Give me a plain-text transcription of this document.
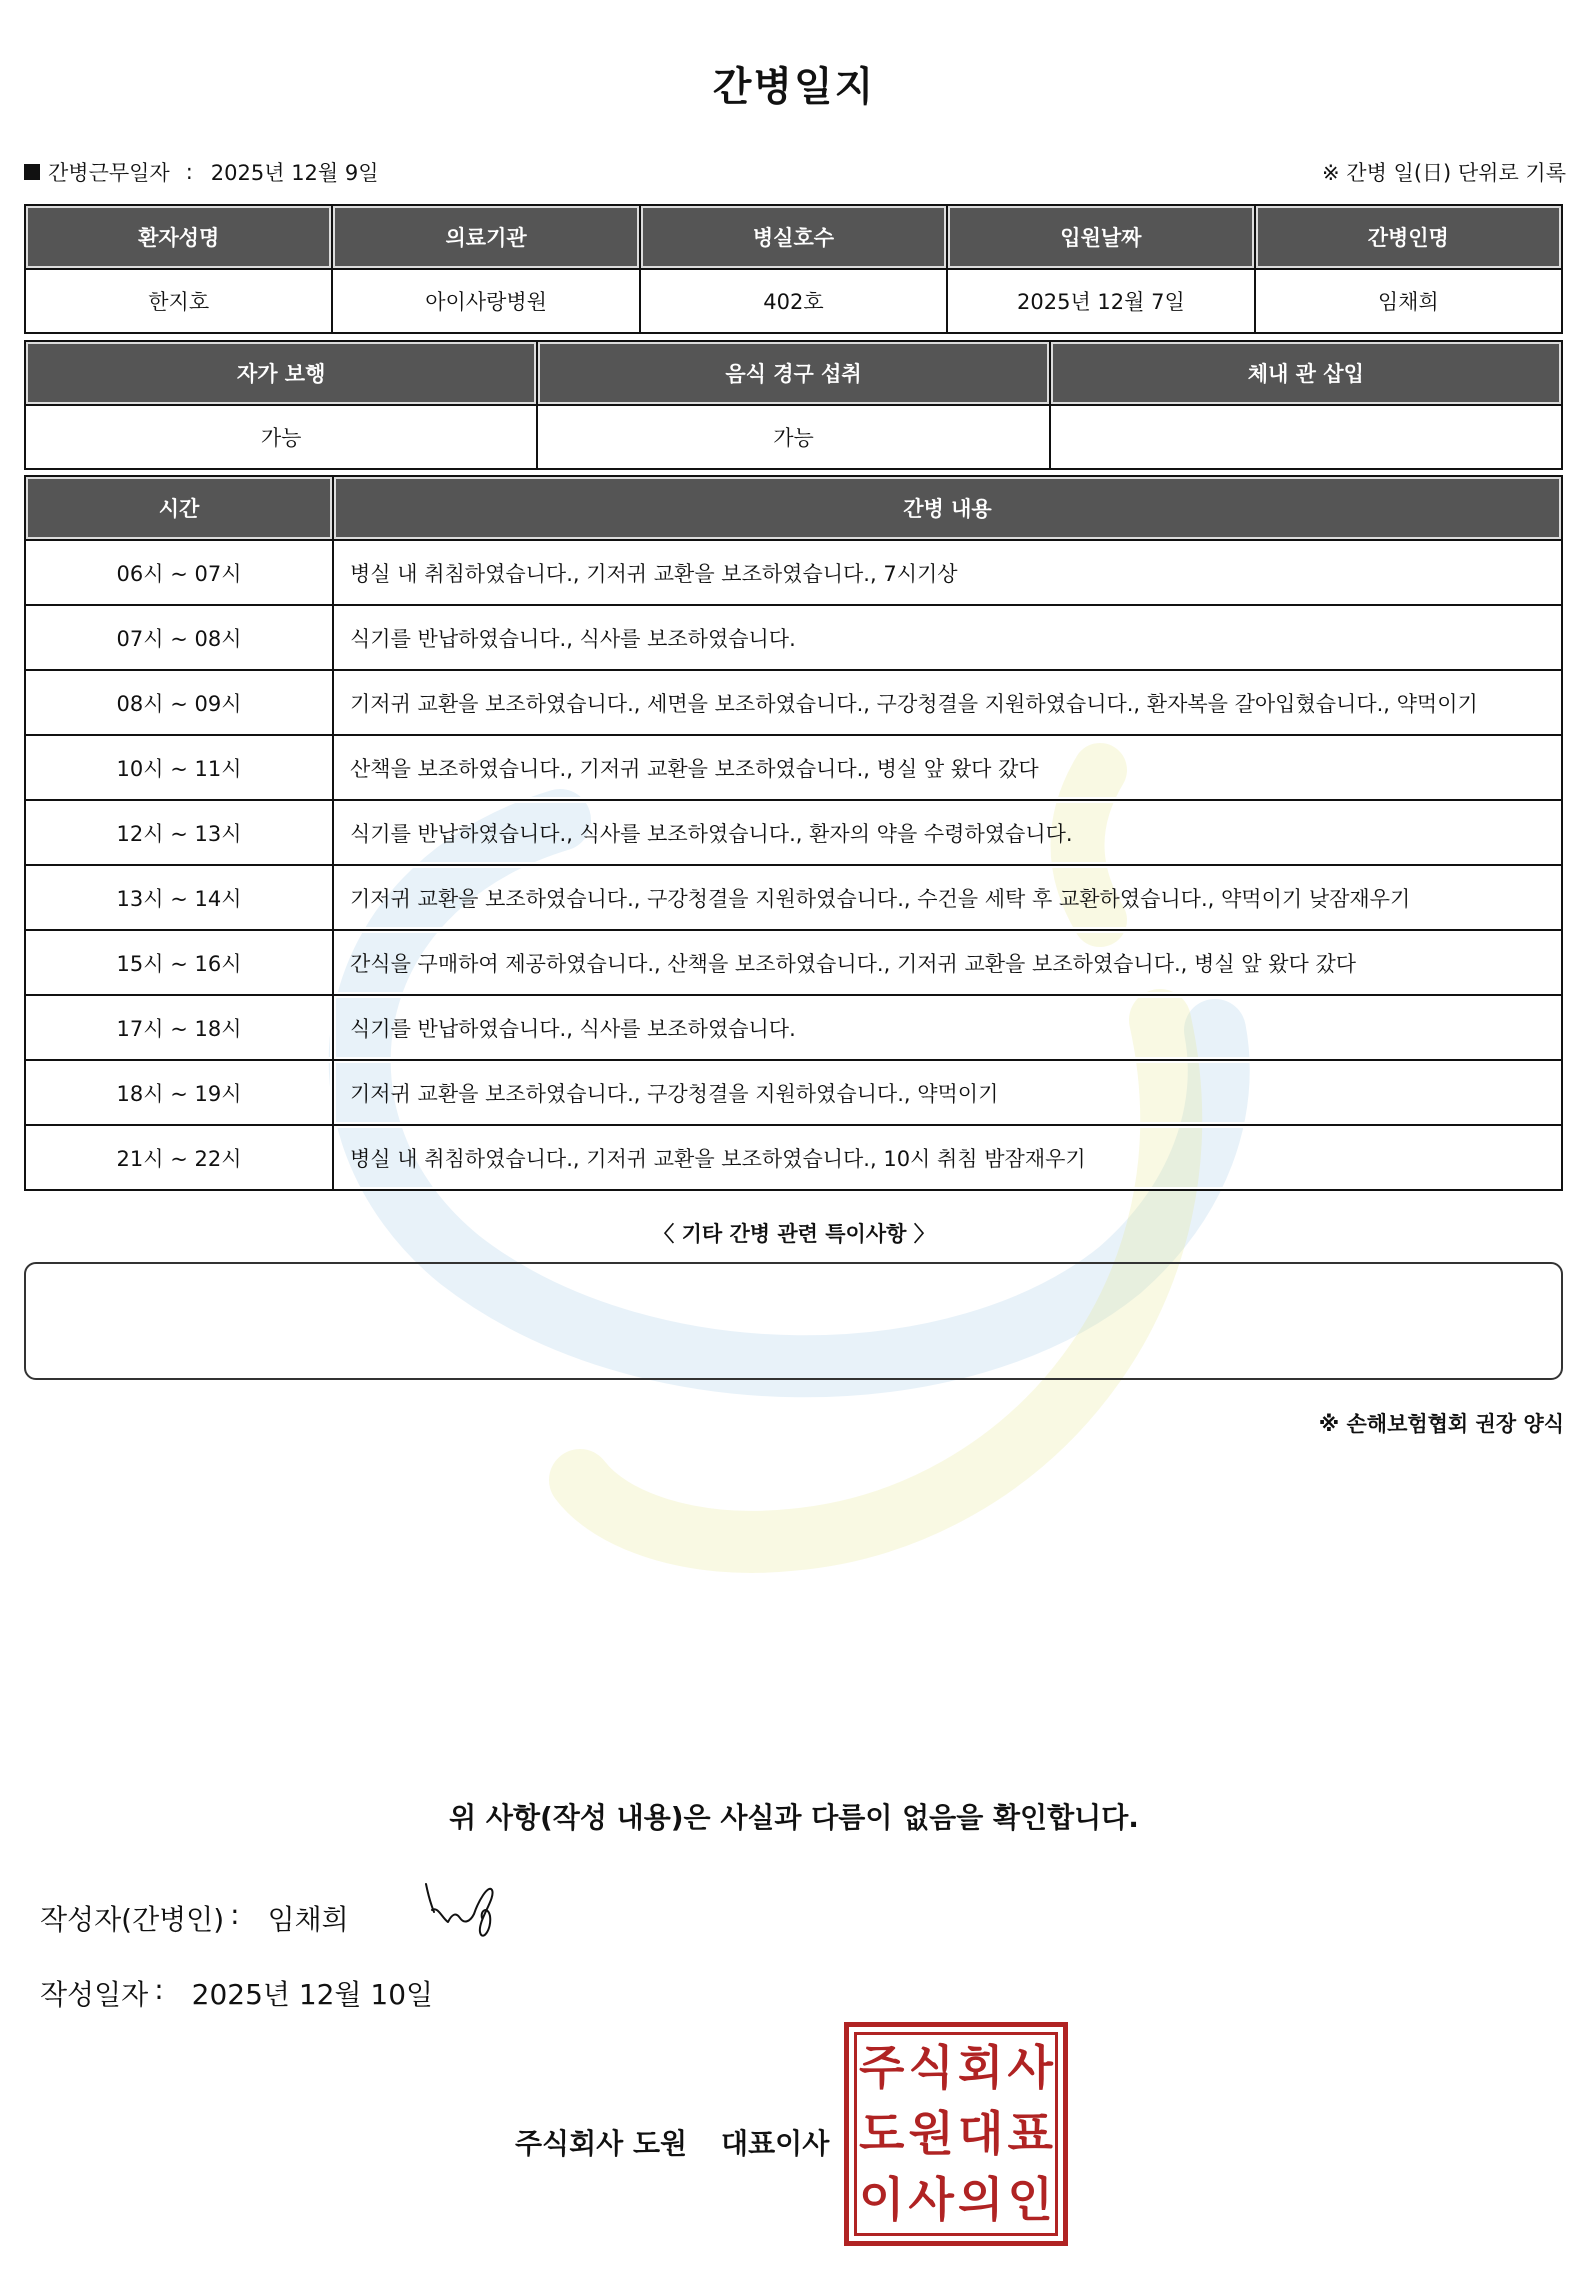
간병일지
간병근무일자 : 2025년 12월 9일	※ 간병 일(日) 단위로 기록
환자성명	의료기관	병실호수	입원날짜	간병인명
한지호	아이사랑병원	402호	2025년 12월 7일	임채희
자가 보행	음식 경구 섭취	체내 관 삽입
가능	가능	
시간	간병 내용
06시 ~ 07시	병실 내 취침하였습니다., 기저귀 교환을 보조하였습니다., 7시기상
07시 ~ 08시	식기를 반납하였습니다., 식사를 보조하였습니다.
08시 ~ 09시	기저귀 교환을 보조하였습니다., 세면을 보조하였습니다., 구강청결을 지원하였습니다., 환자복을 갈아입혔습니다., 약먹이기
10시 ~ 11시	산책을 보조하였습니다., 기저귀 교환을 보조하였습니다., 병실 앞 왔다 갔다
12시 ~ 13시	식기를 반납하였습니다., 식사를 보조하였습니다., 환자의 약을 수령하였습니다.
13시 ~ 14시	기저귀 교환을 보조하였습니다., 구강청결을 지원하였습니다., 수건을 세탁 후 교환하였습니다., 약먹이기 낮잠재우기
15시 ~ 16시	간식을 구매하여 제공하였습니다., 산책을 보조하였습니다., 기저귀 교환을 보조하였습니다., 병실 앞 왔다 갔다
17시 ~ 18시	식기를 반납하였습니다., 식사를 보조하였습니다.
18시 ~ 19시	기저귀 교환을 보조하였습니다., 구강청결을 지원하였습니다., 약먹이기
21시 ~ 22시	병실 내 취침하였습니다., 기저귀 교환을 보조하였습니다., 10시 취침 밤잠재우기
〈 기타 간병 관련 특이사항 〉
※ 손해보험협회 권장 양식
위 사항(작성 내용)은 사실과 다름이 없음을 확인합니다.
작성자(간병인) : 임채희
작성일자 : 2025년 12월 10일
주식회사 도원 대표이사
주 식 회 사
도 원 대 표
이 사 의 인
